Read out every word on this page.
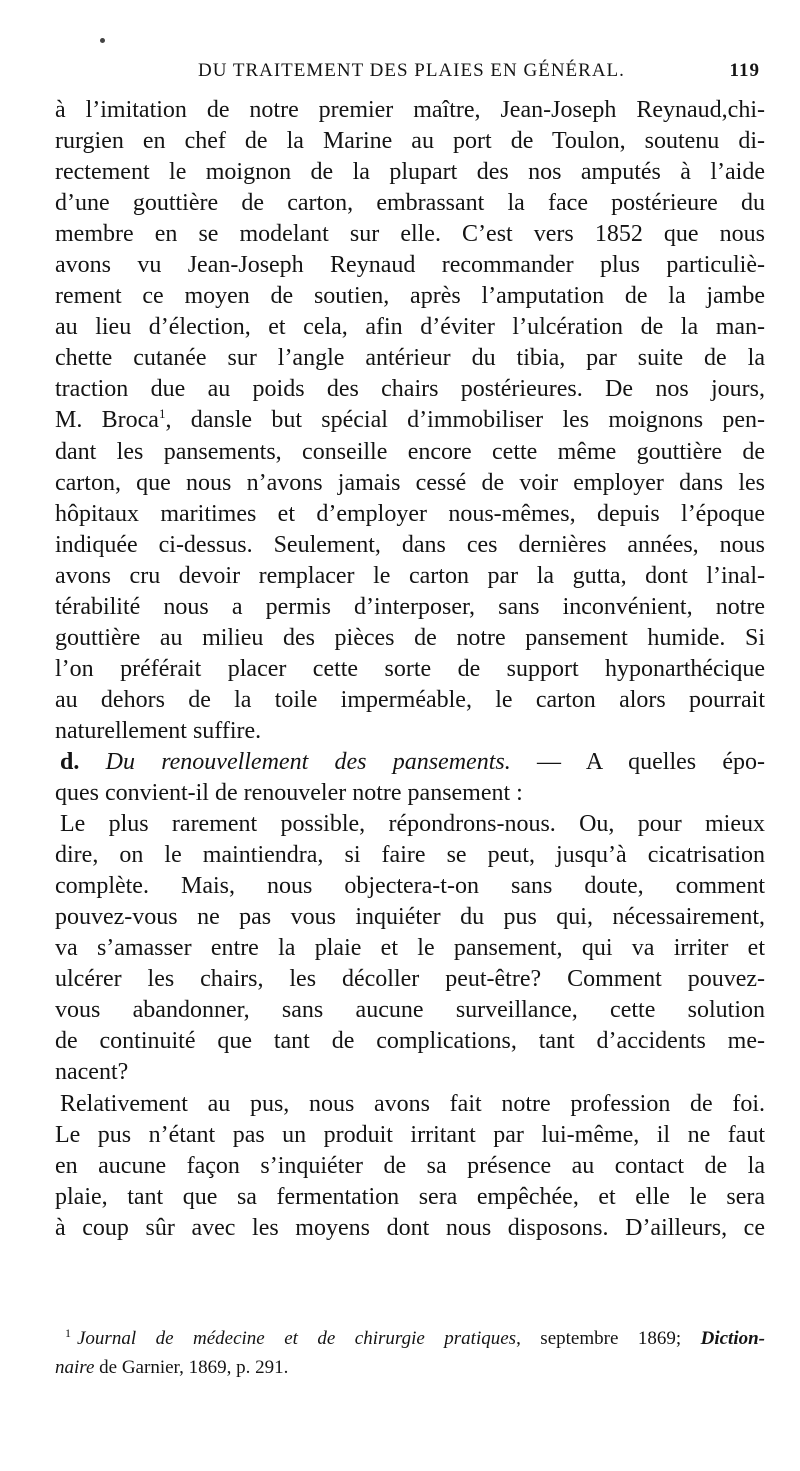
DU TRAITEMENT DES PLAIES EN GÉNÉRAL.	119
à l’imitation de notre premier maître, Jean-Joseph Reynaud,chi-
rurgien en chef de la Marine au port de Toulon, soutenu di-
rectement le moignon de la plupart des nos amputés à l’aide
d’une gouttière de carton, embrassant la face postérieure du
membre en se modelant sur elle. C’est vers 1852 que nous
avons vu Jean-Joseph Reynaud recommander plus particuliè-
rement ce moyen de soutien, après l’amputation de la jambe
au lieu d’élection, et cela, afin d’éviter l’ulcération de la man-
chette cutanée sur l’angle antérieur du tibia, par suite de la
traction due au poids des chairs postérieures. De nos jours,
M. Broca$^1$, dansle but spécial d’immobiliser les moignons pen-
dant les pansements, conseille encore cette même gouttière de
carton, que nous n’avons jamais cessé de voir employer dans les
hôpitaux maritimes et d’employer nous-mêmes, depuis l’époque
indiquée ci-dessus. Seulement, dans ces dernières années, nous
avons cru devoir remplacer le carton par la gutta, dont l’inal-
térabilité nous a permis d’interposer, sans inconvénient, notre
gouttière au milieu des pièces de notre pansement humide. Si
l’on préférait placer cette sorte de support hyponarthécique
au dehors de la toile imperméable, le carton alors pourrait
naturellement suffire.
d. Du renouvellement des pansements. — A quelles épo-
ques convient-il de renouveler notre pansement :
Le plus rarement possible, répondrons-nous. Ou, pour mieux
dire, on le maintiendra, si faire se peut, jusqu’à cicatrisation
complète. Mais, nous objectera-t-on sans doute, comment
pouvez-vous ne pas vous inquiéter du pus qui, nécessairement,
va s’amasser entre la plaie et le pansement, qui va irriter et
ulcérer les chairs, les décoller peut-être? Comment pouvez-
vous abandonner, sans aucune surveillance, cette solution
de continuité que tant de complications, tant d’accidents me-
nacent?
Relativement au pus, nous avons fait notre profession de foi.
Le pus n’étant pas un produit irritant par lui-même, il ne faut
en aucune façon s’inquiéter de sa présence au contact de la
plaie, tant que sa fermentation sera empêchée, et elle le sera
à coup sûr avec les moyens dont nous disposons. D’ailleurs, ce
$^1$ Journal de médecine et de chirurgie pratiques, septembre 1869; Diction-
naire de Garnier, 1869, p. 291.
